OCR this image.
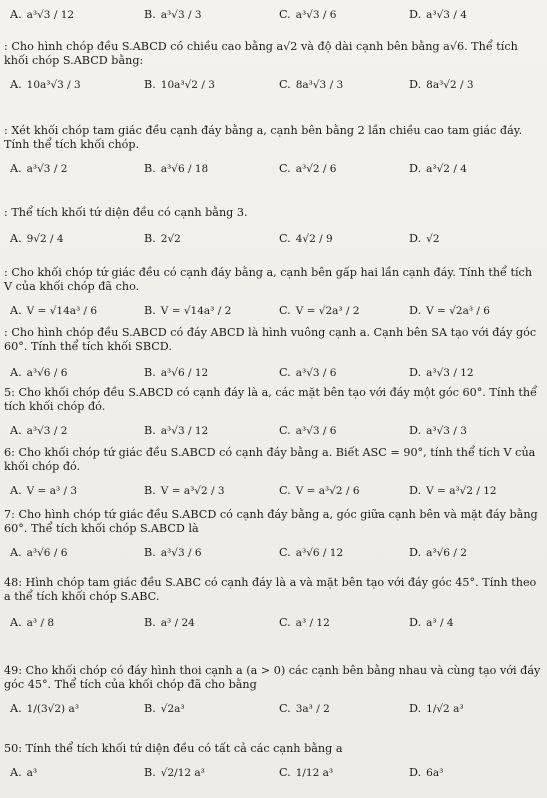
A. a³√3 / 12	B. a³√3 / 3	C. a³√3 / 6	D. a³√3 / 4

: Cho hình chóp đều S.ABCD có chiều cao bằng a√2 và độ dài cạnh bên bằng a√6. Thể tích khối chóp S.ABCD bằng:

A. 10a³√3 / 3	B. 10a³√2 / 3	C. 8a³√3 / 3	D. 8a³√2 / 3

: Xét khối chóp tam giác đều cạnh đáy bằng a, cạnh bên bằng 2 lần chiều cao tam giác đáy. Tính thể tích khối chóp.

A. a³√3 / 2	B. a³√6 / 18	C. a³√2 / 6	D. a³√2 / 4

: Thể tích khối tứ diện đều có cạnh bằng 3.

A. 9√2 / 4	B. 2√2	C. 4√2 / 9	D. √2

: Cho khối chóp tứ giác đều có cạnh đáy bằng a, cạnh bên gấp hai lần cạnh đáy. Tính thể tích V của khối chóp đã cho.

A. V = √14a³ / 6	B. V = √14a³ / 2	C. V = √2a³ / 2	D. V = √2a³ / 6

: Cho hình chóp đều S.ABCD có đáy ABCD là hình vuông cạnh a. Cạnh bên SA tạo với đáy góc 60°. Tính thể tích khối SBCD.

A. a³√6 / 6	B. a³√6 / 12	C. a³√3 / 6	D. a³√3 / 12

5: Cho khối chóp đều S.ABCD có cạnh đáy là a, các mặt bên tạo với đáy một góc 60°. Tính thể tích khối chóp đó.

A. a³√3 / 2	B. a³√3 / 12	C. a³√3 / 6	D. a³√3 / 3

6: Cho khối chóp tứ giác đều S.ABCD có cạnh đáy bằng a. Biết ASC = 90°, tính thể tích V của khối chóp đó.

A. V = a³ / 3	B. V = a³√2 / 3	C. V = a³√2 / 6	D. V = a³√2 / 12

7: Cho hình chóp tứ giác đều S.ABCD có cạnh đáy bằng a, góc giữa cạnh bên và mặt đáy bằng 60°. Thể tích khối chóp S.ABCD là

A. a³√6 / 6	B. a³√3 / 6	C. a³√6 / 12	D. a³√6 / 2

48: Hình chóp tam giác đều S.ABC có cạnh đáy là a và mặt bên tạo với đáy góc 45°. Tính theo a thể tích khối chóp S.ABC.

A. a³ / 8	B. a³ / 24	C. a³ / 12	D. a³ / 4

49: Cho khối chóp có đáy hình thoi cạnh a (a > 0) các cạnh bên bằng nhau và cùng tạo với đáy góc 45°. Thể tích của khối chóp đã cho bằng

A. 1/(3√2) a³	B. √2a³	C. 3a³ / 2	D. 1/√2 a³

50: Tính thể tích khối tứ diện đều có tất cả các cạnh bằng a

A. a³	B. √2/12 a³	C. 1/12 a³	D. 6a³
